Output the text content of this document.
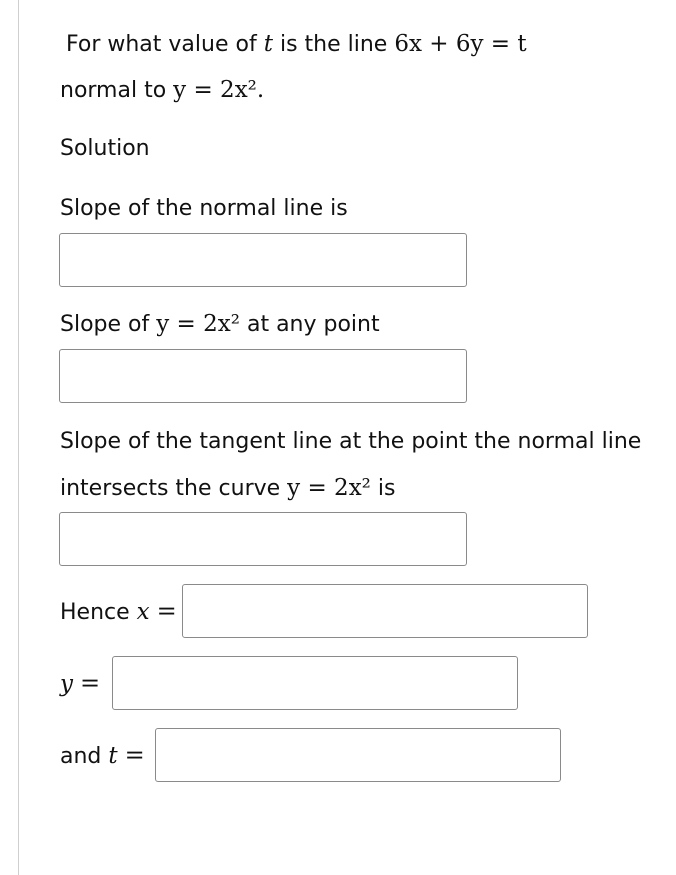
For what value of t is the line 6x + 6y = t
normal to y = 2x².
Solution
Slope of the normal line is
Slope of y = 2x² at any point
Slope of the tangent line at the point the normal line
intersects the curve y = 2x² is
Hence x =
y =
and t =
